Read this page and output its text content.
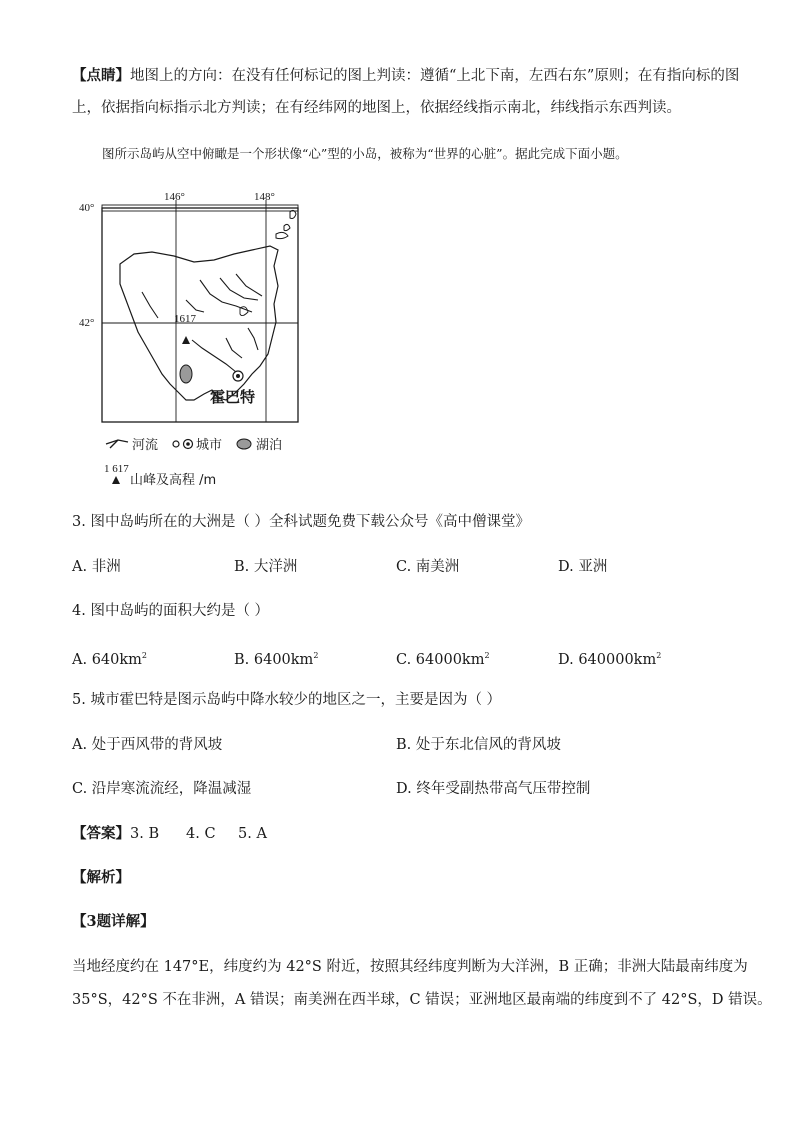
【点睛】地图上的方向：在没有任何标记的图上判读：遵循“上北下南，左西右东”原则；在有指向标的图
上，依据指向标指示北方判读；在有经纬网的地图上，依据经线指示南北，纬线指示东西判读。
图所示岛屿从空中俯瞰是一个形状像“心”型的小岛，被称为“世界的心脏”。据此完成下面小题。
146°	148°
40°
42°	1617
霍巴特
河流	城市	湖泊
1 617
山峰及高程 /m
3. 图中岛屿所在的大洲是（ ）全科试题免费下载公众号《高中僧课堂》
A. 非洲	B. 大洋洲	C. 南美洲	D. 亚洲
4. 图中岛屿的面积大约是（ ）
A. $640km^2$	B. $6400km^2$	C. $64000km^2$	D. $640000km^2$
5. 城市霍巴特是图示岛屿中降水较少的地区之一，主要是因为（ ）
A. 处于西风带的背风坡	B. 处于东北信风的背风坡
C. 沿岸寒流流经，降温减湿	D. 终年受副热带高气压带控制
【答案】3. B 4. C 5. A
【解析】
【3题详解】
当地经度约在 147°E，纬度约为 42°S 附近，按照其经纬度判断为大洋洲，B 正确；非洲大陆最南纬度为
35°S，42°S 不在非洲，A 错误；南美洲在西半球，C 错误；亚洲地区最南端的纬度到不了 42°S，D 错误。
